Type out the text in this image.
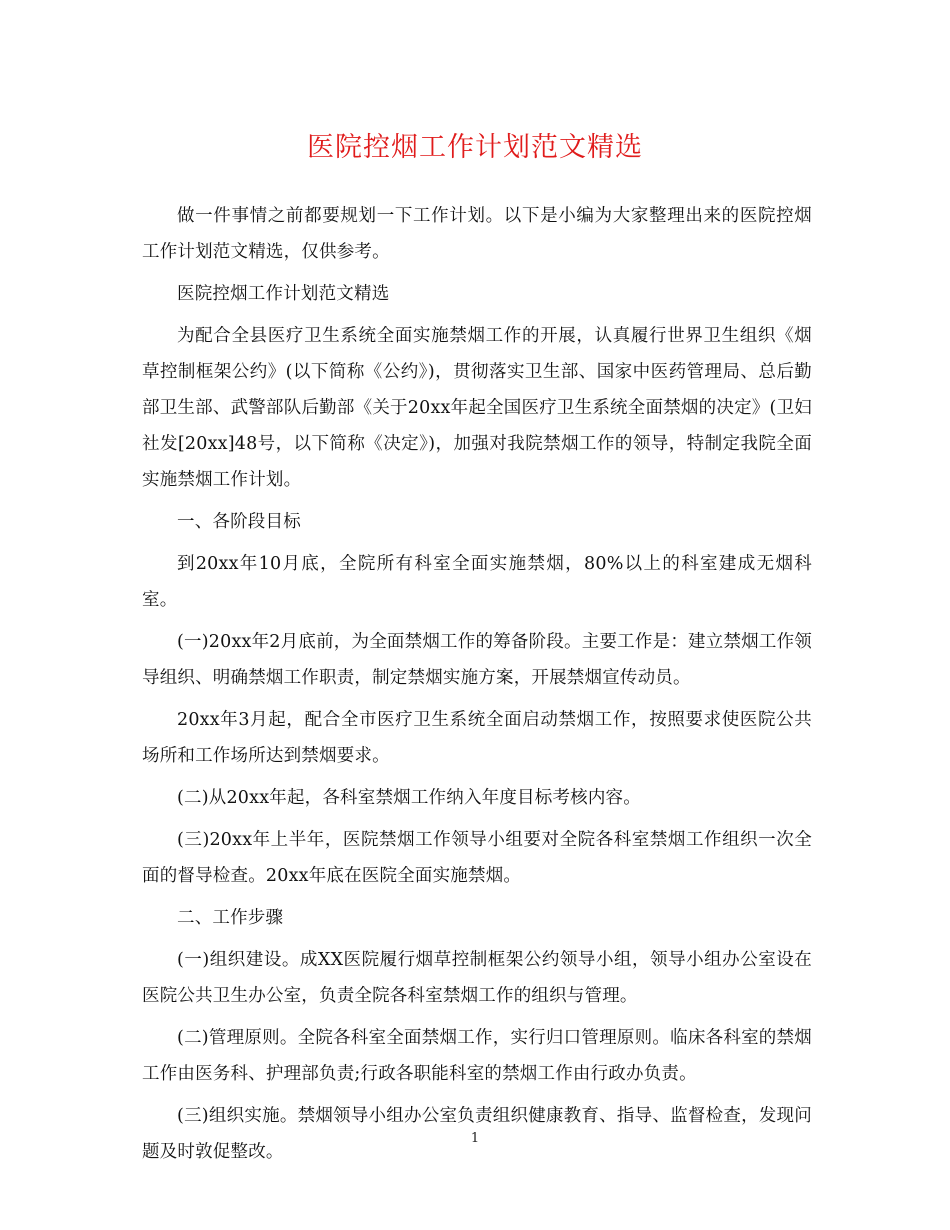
医院控烟工作计划范文精选

做一件事情之前都要规划一下工作计划。以下是小编为大家整理出来的医院控烟工作计划范文精选，仅供参考。

医院控烟工作计划范文精选

为配合全县医疗卫生系统全面实施禁烟工作的开展，认真履行世界卫生组织《烟草控制框架公约》(以下简称《公约》)，贯彻落实卫生部、国家中医药管理局、总后勤部卫生部、武警部队后勤部《关于20xx年起全国医疗卫生系统全面禁烟的决定》(卫妇社发[20xx]48号，以下简称《决定》)，加强对我院禁烟工作的领导，特制定我院全面实施禁烟工作计划。

一、各阶段目标

到20xx年10月底，全院所有科室全面实施禁烟，80%以上的科室建成无烟科室。

(一)20xx年2月底前，为全面禁烟工作的筹备阶段。主要工作是：建立禁烟工作领导组织、明确禁烟工作职责，制定禁烟实施方案，开展禁烟宣传动员。

20xx年3月起，配合全市医疗卫生系统全面启动禁烟工作，按照要求使医院公共场所和工作场所达到禁烟要求。

(二)从20xx年起，各科室禁烟工作纳入年度目标考核内容。

(三)20xx年上半年，医院禁烟工作领导小组要对全院各科室禁烟工作组织一次全面的督导检查。20xx年底在医院全面实施禁烟。

二、工作步骤

(一)组织建设。成XX医院履行烟草控制框架公约领导小组，领导小组办公室设在医院公共卫生办公室，负责全院各科室禁烟工作的组织与管理。

(二)管理原则。全院各科室全面禁烟工作，实行归口管理原则。临床各科室的禁烟工作由医务科、护理部负责;行政各职能科室的禁烟工作由行政办负责。

(三)组织实施。禁烟领导小组办公室负责组织健康教育、指导、监督检查，发现问题及时敦促整改。

1
